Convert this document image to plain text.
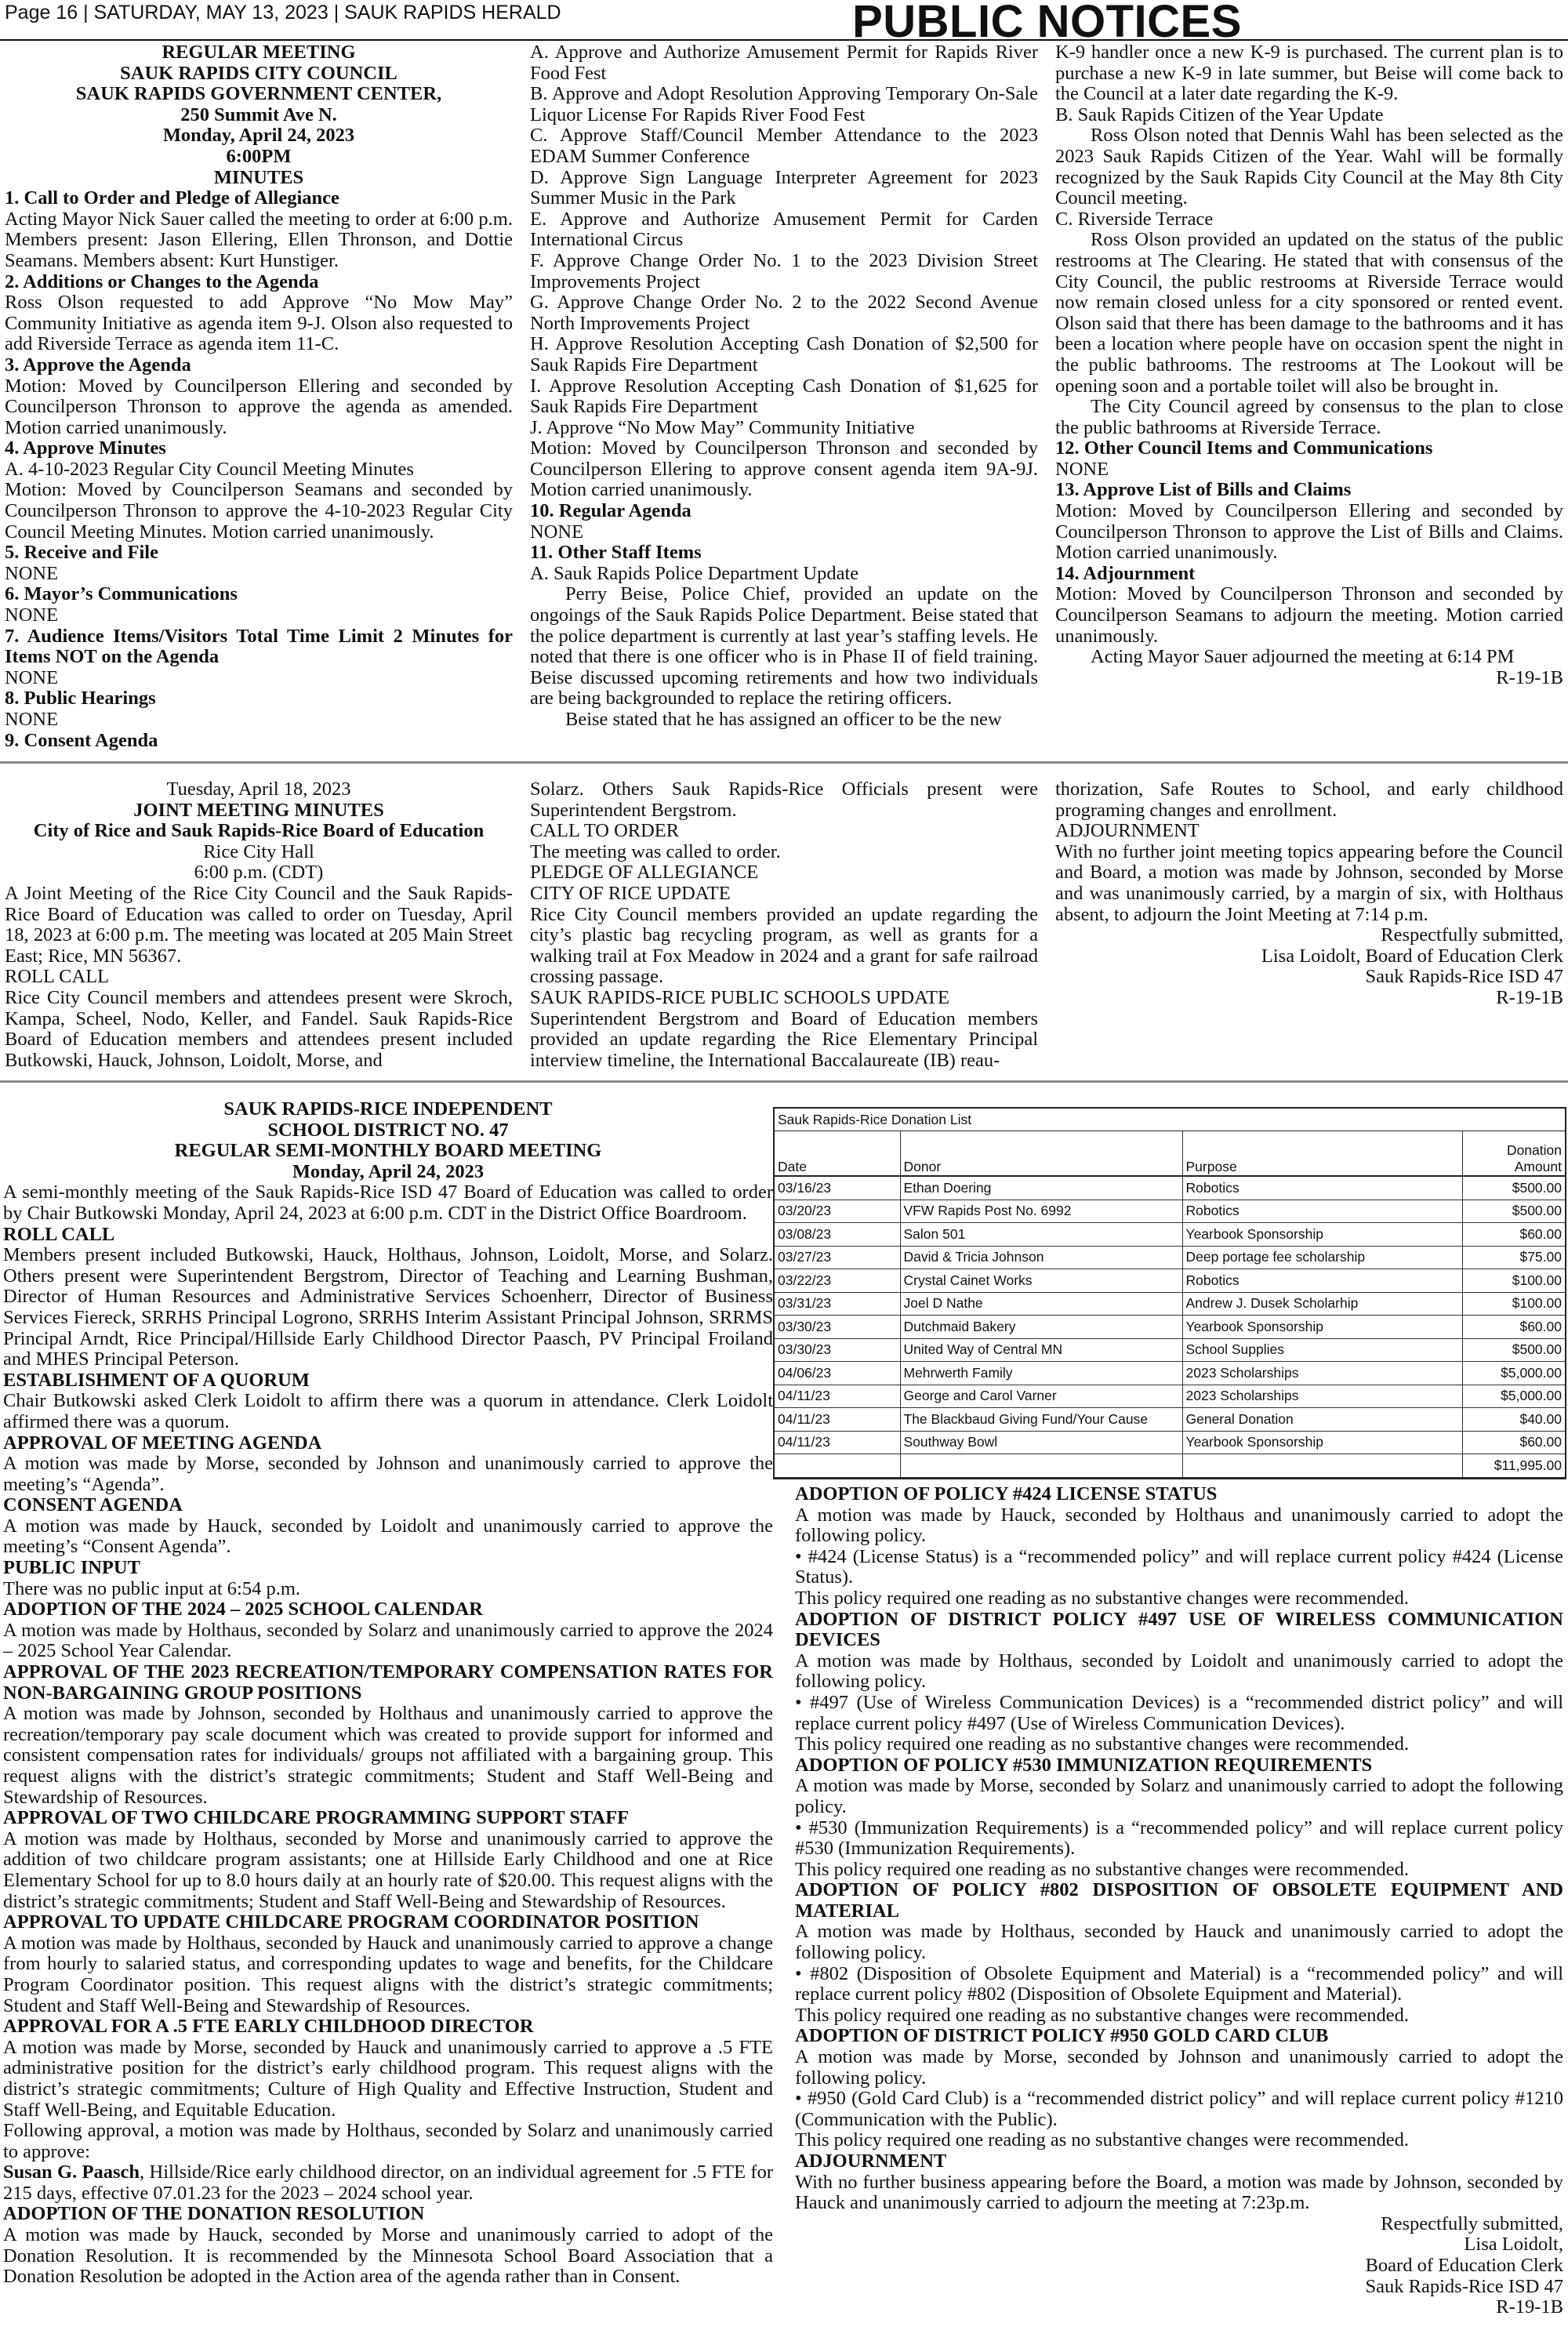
Page 16 | SATURDAY, MAY 13, 2023 | SAUK RAPIDS HERALD	PUBLIC NOTICES

REGULAR MEETING

SAUK RAPIDS CITY COUNCIL

SAUK RAPIDS GOVERNMENT CENTER,

250 Summit Ave N.

Monday, April 24, 2023

6:00PM

MINUTES

1. Call to Order and Pledge of Allegiance

Acting Mayor Nick Sauer called the meeting to order at 6:00 p.m. Members present: Jason Ellering, Ellen Thronson, and Dottie Seamans. Members absent: Kurt Hunstiger.

2. Additions or Changes to the Agenda

Ross Olson requested to add Approve “No Mow May” Community Initiative as agenda item 9-J. Olson also requested to add Riverside Terrace as agenda item 11-C.

3. Approve the Agenda

Motion: Moved by Councilperson Ellering and seconded by Councilperson Thronson to approve the agenda as amended. Motion carried unanimously.

4. Approve Minutes

A. 4-10-2023 Regular City Council Meeting Minutes

Motion: Moved by Councilperson Seamans and seconded by Councilperson Thronson to approve the 4-10-2023 Regular City Council Meeting Minutes. Motion carried unanimously.

5. Receive and File

NONE

6. Mayor’s Communications

NONE

7. Audience Items/Visitors Total Time Limit 2 Minutes for Items NOT on the Agenda

NONE

8. Public Hearings

NONE

9. Consent Agenda

A. Approve and Authorize Amusement Permit for Rapids River Food Fest

B. Approve and Adopt Resolution Approving Temporary On-Sale Liquor License For Rapids River Food Fest

C. Approve Staff/Council Member Attendance to the 2023 EDAM Summer Conference

D. Approve Sign Language Interpreter Agreement for 2023 Summer Music in the Park

E. Approve and Authorize Amusement Permit for Carden International Circus

F. Approve Change Order No. 1 to the 2023 Division Street Improvements Project

G. Approve Change Order No. 2 to the 2022 Second Avenue North Improvements Project

H. Approve Resolution Accepting Cash Donation of $2,500 for Sauk Rapids Fire Department

I. Approve Resolution Accepting Cash Donation of $1,625 for Sauk Rapids Fire Department

J. Approve “No Mow May” Community Initiative

Motion: Moved by Councilperson Thronson and seconded by Councilperson Ellering to approve consent agenda item 9A-9J. Motion carried unanimously.

10. Regular Agenda

NONE

11. Other Staff Items

A. Sauk Rapids Police Department Update

Perry Beise, Police Chief, provided an update on the ongoings of the Sauk Rapids Police Department. Beise stated that the police department is currently at last year’s staffing levels. He noted that there is one officer who is in Phase II of field training. Beise discussed upcoming retirements and how two individuals are being backgrounded to replace the retiring officers.

Beise stated that he has assigned an officer to be the new

K-9 handler once a new K-9 is purchased. The current plan is to purchase a new K-9 in late summer, but Beise will come back to the Council at a later date regarding the K-9.

B. Sauk Rapids Citizen of the Year Update

Ross Olson noted that Dennis Wahl has been selected as the 2023 Sauk Rapids Citizen of the Year. Wahl will be formally recognized by the Sauk Rapids City Council at the May 8th City Council meeting.

C. Riverside Terrace

Ross Olson provided an updated on the status of the public restrooms at The Clearing. He stated that with consensus of the City Council, the public restrooms at Riverside Terrace would now remain closed unless for a city sponsored or rented event. Olson said that there has been damage to the bathrooms and it has been a location where people have on occasion spent the night in the public bathrooms. The restrooms at The Lookout will be opening soon and a portable toilet will also be brought in.

The City Council agreed by consensus to the plan to close the public bathrooms at Riverside Terrace.

12. Other Council Items and Communications

NONE

13. Approve List of Bills and Claims

Motion: Moved by Councilperson Ellering and seconded by Councilperson Thronson to approve the List of Bills and Claims. Motion carried unanimously.

14. Adjournment

Motion: Moved by Councilperson Thronson and seconded by Councilperson Seamans to adjourn the meeting. Motion carried unanimously.

Acting Mayor Sauer adjourned the meeting at 6:14 PM

R-19-1B

Tuesday, April 18, 2023

JOINT MEETING MINUTES

City of Rice and Sauk Rapids-Rice Board of Education

Rice City Hall

6:00 p.m. (CDT)

A Joint Meeting of the Rice City Council and the Sauk Rapids-Rice Board of Education was called to order on Tuesday, April 18, 2023 at 6:00 p.m. The meeting was located at 205 Main Street East; Rice, MN 56367.

ROLL CALL

Rice City Council members and attendees present were Skroch, Kampa, Scheel, Nodo, Keller, and Fandel. Sauk Rapids-Rice Board of Education members and attendees present included Butkowski, Hauck, Johnson, Loidolt, Morse, and

Solarz. Others Sauk Rapids-Rice Officials present were Superintendent Bergstrom.

CALL TO ORDER

The meeting was called to order.

PLEDGE OF ALLEGIANCE

CITY OF RICE UPDATE

Rice City Council members provided an update regarding the city’s plastic bag recycling program, as well as grants for a walking trail at Fox Meadow in 2024 and a grant for safe railroad crossing passage.

SAUK RAPIDS-RICE PUBLIC SCHOOLS UPDATE

Superintendent Bergstrom and Board of Education members provided an update regarding the Rice Elementary Principal interview timeline, the International Baccalaureate (IB) reau-

thorization, Safe Routes to School, and early childhood programing changes and enrollment.

ADJOURNMENT

With no further joint meeting topics appearing before the Council and Board, a motion was made by Johnson, seconded by Morse and was unanimously carried, by a margin of six, with Holthaus absent, to adjourn the Joint Meeting at 7:14 p.m.

Respectfully submitted,

Lisa Loidolt, Board of Education Clerk

Sauk Rapids-Rice ISD 47

R-19-1B

SAUK RAPIDS-RICE INDEPENDENT

SCHOOL DISTRICT NO. 47

REGULAR SEMI-MONTHLY BOARD MEETING

Monday, April 24, 2023

A semi-monthly meeting of the Sauk Rapids-Rice ISD 47 Board of Education was called to order by Chair Butkowski Monday, April 24, 2023 at 6:00 p.m. CDT in the District Office Boardroom.

ROLL CALL

Members present included Butkowski, Hauck, Holthaus, Johnson, Loidolt, Morse, and Solarz. Others present were Superintendent Bergstrom, Director of Teaching and Learning Bushman, Director of Human Resources and Administrative Services Schoenherr, Director of Business Services Fiereck, SRRHS Principal Logrono, SRRHS Interim Assistant Principal Johnson, SRRMS Principal Arndt, Rice Principal/Hillside Early Childhood Director Paasch, PV Principal Froiland and MHES Principal Peterson.

ESTABLISHMENT OF A QUORUM

Chair Butkowski asked Clerk Loidolt to affirm there was a quorum in attendance. Clerk Loidolt affirmed there was a quorum.

APPROVAL OF MEETING AGENDA

A motion was made by Morse, seconded by Johnson and unanimously carried to approve the meeting’s “Agenda”.

CONSENT AGENDA

A motion was made by Hauck, seconded by Loidolt and unanimously carried to approve the meeting’s “Consent Agenda”.

PUBLIC INPUT

There was no public input at 6:54 p.m.

ADOPTION OF THE 2024 – 2025 SCHOOL CALENDAR

A motion was made by Holthaus, seconded by Solarz and unanimously carried to approve the 2024 – 2025 School Year Calendar.

APPROVAL OF THE 2023 RECREATION/TEMPORARY COMPENSATION RATES FOR NON-BARGAINING GROUP POSITIONS

A motion was made by Johnson, seconded by Holthaus and unanimously carried to approve the recreation/temporary pay scale document which was created to provide support for informed and consistent compensation rates for individuals/ groups not affiliated with a bargaining group. This request aligns with the district’s strategic commitments; Student and Staff Well-Being and Stewardship of Resources.

APPROVAL OF TWO CHILDCARE PROGRAMMING SUPPORT STAFF

A motion was made by Holthaus, seconded by Morse and unanimously carried to approve the addition of two childcare program assistants; one at Hillside Early Childhood and one at Rice Elementary School for up to 8.0 hours daily at an hourly rate of $20.00. This request aligns with the district’s strategic commitments; Student and Staff Well-Being and Stewardship of Resources.

APPROVAL TO UPDATE CHILDCARE PROGRAM COORDINATOR POSITION

A motion was made by Holthaus, seconded by Hauck and unanimously carried to approve a change from hourly to salaried status, and corresponding updates to wage and benefits, for the Childcare Program Coordinator position. This request aligns with the district’s strategic commitments; Student and Staff Well-Being and Stewardship of Resources.

APPROVAL FOR A .5 FTE EARLY CHILDHOOD DIRECTOR

A motion was made by Morse, seconded by Hauck and unanimously carried to approve a .5 FTE administrative position for the district’s early childhood program. This request aligns with the district’s strategic commitments; Culture of High Quality and Effective Instruction, Student and Staff Well-Being, and Equitable Education.

Following approval, a motion was made by Holthaus, seconded by Solarz and unanimously carried to approve:

Susan G. Paasch, Hillside/Rice early childhood director, on an individual agreement for .5 FTE for 215 days, effective 07.01.23 for the 2023 – 2024 school year.

ADOPTION OF THE DONATION RESOLUTION

A motion was made by Hauck, seconded by Morse and unanimously carried to adopt of the Donation Resolution. It is recommended by the Minnesota School Board Association that a Donation Resolution be adopted in the Action area of the agenda rather than in Consent.

Sauk Rapids-Rice Donation List
Date	Donor	Purpose	Donation
Amount
03/16/23	Ethan Doering	Robotics	$500.00
03/20/23	VFW Rapids Post No. 6992	Robotics	$500.00
03/08/23	Salon 501	Yearbook Sponsorship	$60.00
03/27/23	David & Tricia Johnson	Deep portage fee scholarship	$75.00
03/22/23	Crystal Cainet Works	Robotics	$100.00
03/31/23	Joel D Nathe	Andrew J. Dusek Scholarhip	$100.00
03/30/23	Dutchmaid Bakery	Yearbook Sponsorship	$60.00
03/30/23	United Way of Central MN	School Supplies	$500.00
04/06/23	Mehrwerth Family	2023 Scholarships	$5,000.00
04/11/23	George and Carol Varner	2023 Scholarships	$5,000.00
04/11/23	The Blackbaud Giving Fund/Your Cause	General Donation	$40.00
04/11/23	Southway Bowl	Yearbook Sponsorship	$60.00
			$11,995.00

ADOPTION OF POLICY #424 LICENSE STATUS

A motion was made by Hauck, seconded by Holthaus and unanimously carried to adopt the following policy.

• #424 (License Status) is a “recommended policy” and will replace current policy #424 (License Status).

This policy required one reading as no substantive changes were recommended.

ADOPTION OF DISTRICT POLICY #497 USE OF WIRELESS COMMUNICATION DEVICES

A motion was made by Holthaus, seconded by Loidolt and unanimously carried to adopt the following policy.

• #497 (Use of Wireless Communication Devices) is a “recommended district policy” and will replace current policy #497 (Use of Wireless Communication Devices).

This policy required one reading as no substantive changes were recommended.

ADOPTION OF POLICY #530 IMMUNIZATION REQUIREMENTS

A motion was made by Morse, seconded by Solarz and unanimously carried to adopt the following policy.

• #530 (Immunization Requirements) is a “recommended policy” and will replace current policy #530 (Immunization Requirements).

This policy required one reading as no substantive changes were recommended.

ADOPTION OF POLICY #802 DISPOSITION OF OBSOLETE EQUIPMENT AND MATERIAL

A motion was made by Holthaus, seconded by Hauck and unanimously carried to adopt the following policy.

• #802 (Disposition of Obsolete Equipment and Material) is a “recommended policy” and will replace current policy #802 (Disposition of Obsolete Equipment and Material).

This policy required one reading as no substantive changes were recommended.

ADOPTION OF DISTRICT POLICY #950 GOLD CARD CLUB

A motion was made by Morse, seconded by Johnson and unanimously carried to adopt the following policy.

• #950 (Gold Card Club) is a “recommended district policy” and will replace current policy #1210 (Communication with the Public).

This policy required one reading as no substantive changes were recommended.

ADJOURNMENT

With no further business appearing before the Board, a motion was made by Johnson, seconded by Hauck and unanimously carried to adjourn the meeting at 7:23p.m.

Respectfully submitted,

Lisa Loidolt,

Board of Education Clerk

Sauk Rapids-Rice ISD 47

R-19-1B
